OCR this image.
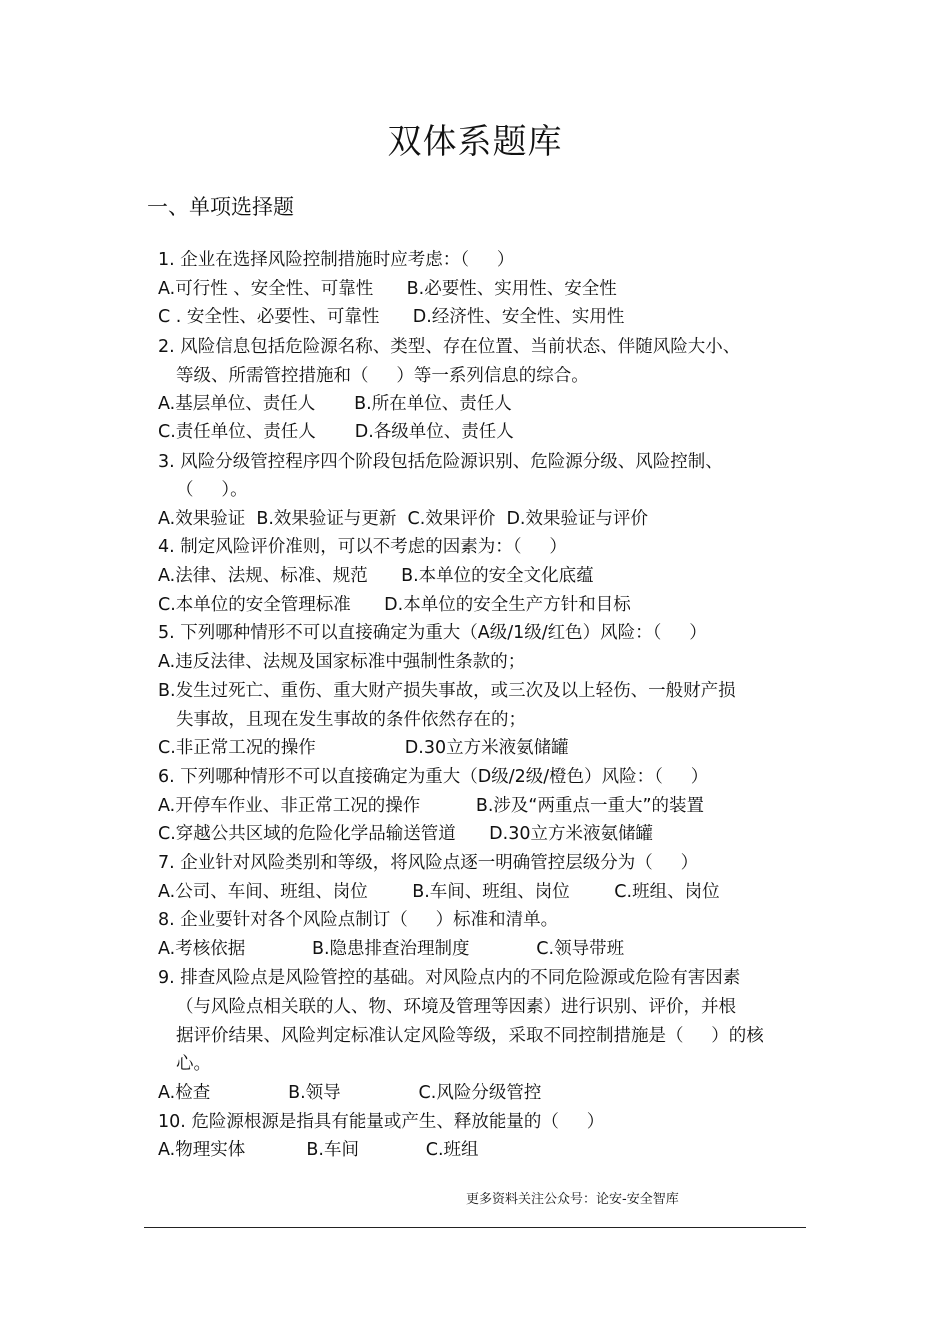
双体系题库
一、单项选择题
1. 企业在选择风险控制措施时应考虑：（     ）
A.可行性 、安全性、可靠性      B.必要性、实用性、安全性
C . 安全性、必要性、可靠性      D.经济性、安全性、实用性
2. 风险信息包括危险源名称、类型、存在位置、当前状态、伴随风险大小、
等级、所需管控措施和（     ）等一系列信息的综合。
A.基层单位、责任人       B.所在单位、责任人
C.责任单位、责任人       D.各级单位、责任人
3. 风险分级管控程序四个阶段包括危险源识别、危险源分级、风险控制、
（     ）。
A.效果验证  B.效果验证与更新  C.效果评价  D.效果验证与评价
4. 制定风险评价准则，可以不考虑的因素为：（     ）
A.法律、法规、标准、规范      B.本单位的安全文化底蕴
C.本单位的安全管理标准      D.本单位的安全生产方针和目标
5. 下列哪种情形不可以直接确定为重大（A级/1级/红色）风险：（     ）
A.违反法律、法规及国家标准中强制性条款的；
B.发生过死亡、重伤、重大财产损失事故，或三次及以上轻伤、一般财产损
失事故，且现在发生事故的条件依然存在的；
C.非正常工况的操作                D.30立方米液氨储罐
6. 下列哪种情形不可以直接确定为重大（D级/2级/橙色）风险：（     ）
A.开停车作业、非正常工况的操作          B.涉及“两重点一重大”的装置
C.穿越公共区域的危险化学品输送管道      D.30立方米液氨储罐
7. 企业针对风险类别和等级，将风险点逐一明确管控层级分为（     ）
A.公司、车间、班组、岗位        B.车间、班组、岗位        C.班组、岗位
8. 企业要针对各个风险点制订（     ）标准和清单。
A.考核依据            B.隐患排查治理制度            C.领导带班
9. 排查风险点是风险管控的基础。对风险点内的不同危险源或危险有害因素
（与风险点相关联的人、物、环境及管理等因素）进行识别、评价，并根
据评价结果、风险判定标准认定风险等级，采取不同控制措施是（     ）的核
心。
A.检查              B.领导              C.风险分级管控
10. 危险源根源是指具有能量或产生、释放能量的（     ）
A.物理实体           B.车间            C.班组
更多资料关注公众号：论安-安全智库
